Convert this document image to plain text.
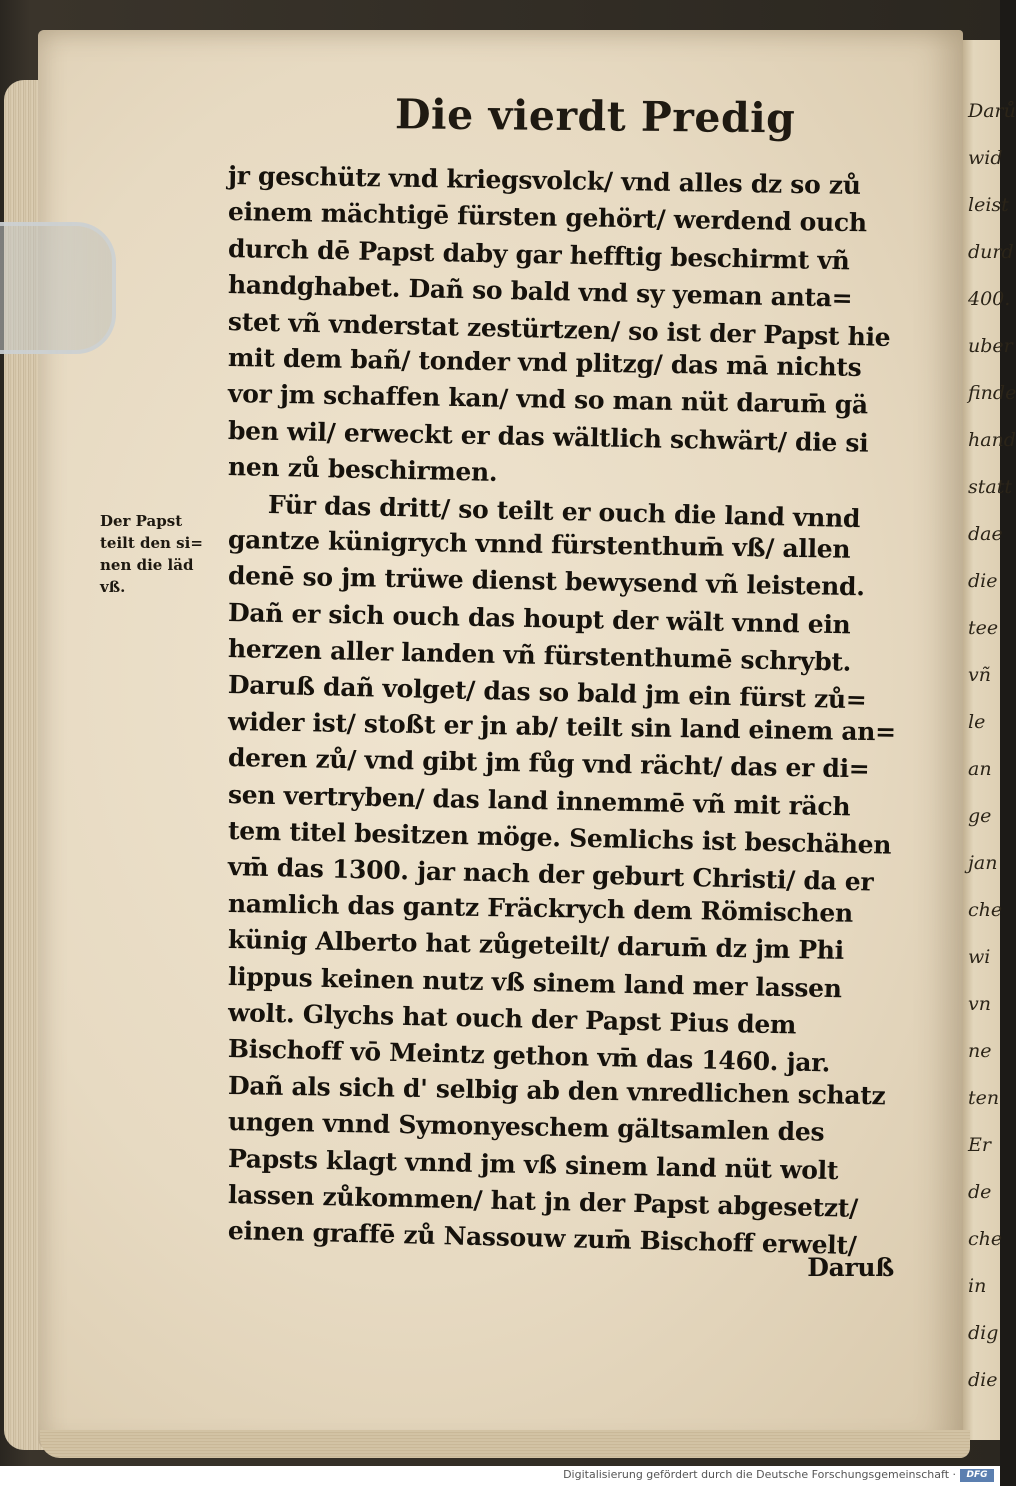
Darů
wid
leist
durd
400.
uber
finde
hand
statt
dae
die
tee
vñ
le
an
ge
jan
che
wi
vn
ne
ten
Er
de
che
in
dig
die
Die vierdt Predig
jr geschütz vnd kriegsvolck/ vnd alles dz so zů
einem mächtigē fürsten gehört/ werdend ouch
durch dē Papst daby gar hefftig beschirmt vñ
handghabet. Dañ so bald vnd sy yeman anta=
stet vñ vnderstat zestürtzen/ so ist der Papst hie
mit dem bañ/ tonder vnd plitzg/ das mā nichts
vor jm schaffen kan/ vnd so man nüt darum̄ gä
ben wil/ erweckt er das wältlich schwärt/ die si
nen zů beschirmen.
Für das dritt/ so teilt er ouch die land vnnd
gantze künigrych vnnd fürstenthum̄ vß/ allen
denē so jm trüwe dienst bewysend vñ leistend.
Dañ er sich ouch das houpt der wält vnnd ein
herzen aller landen vñ fürstenthumē schrybt.
Daruß dañ volget/ das so bald jm ein fürst zů=
wider ist/ stoßt er jn ab/ teilt sin land einem an=
deren zů/ vnd gibt jm fůg vnd rächt/ das er di=
sen vertryben/ das land innemmē vñ mit räch
tem titel besitzen möge. Semlichs ist beschähen
vm̄ das 1300. jar nach der geburt Christi/ da er
namlich das gantz Fräckrych dem Römischen
künig Alberto hat zůgeteilt/ darum̄ dz jm Phi
lippus keinen nutz vß sinem land mer lassen
wolt. Glychs hat ouch der Papst Pius dem
Bischoff vō Meintz gethon vm̄ das 1460. jar.
Dañ als sich d' selbig ab den vnredlichen schatz
ungen vnnd Symonyeschem gältsamlen des
Papsts klagt vnnd jm vß sinem land nüt wolt
lassen zůkommen/ hat jn der Papst abgesetzt/
einen graffē zů Nassouw zum̄ Bischoff erwelt/
Daruß
Der Papst
teilt den si=
nen die läd
vß.
Digitalisierung gefördert durch die Deutsche Forschungsgemeinschaft ·	DFG
